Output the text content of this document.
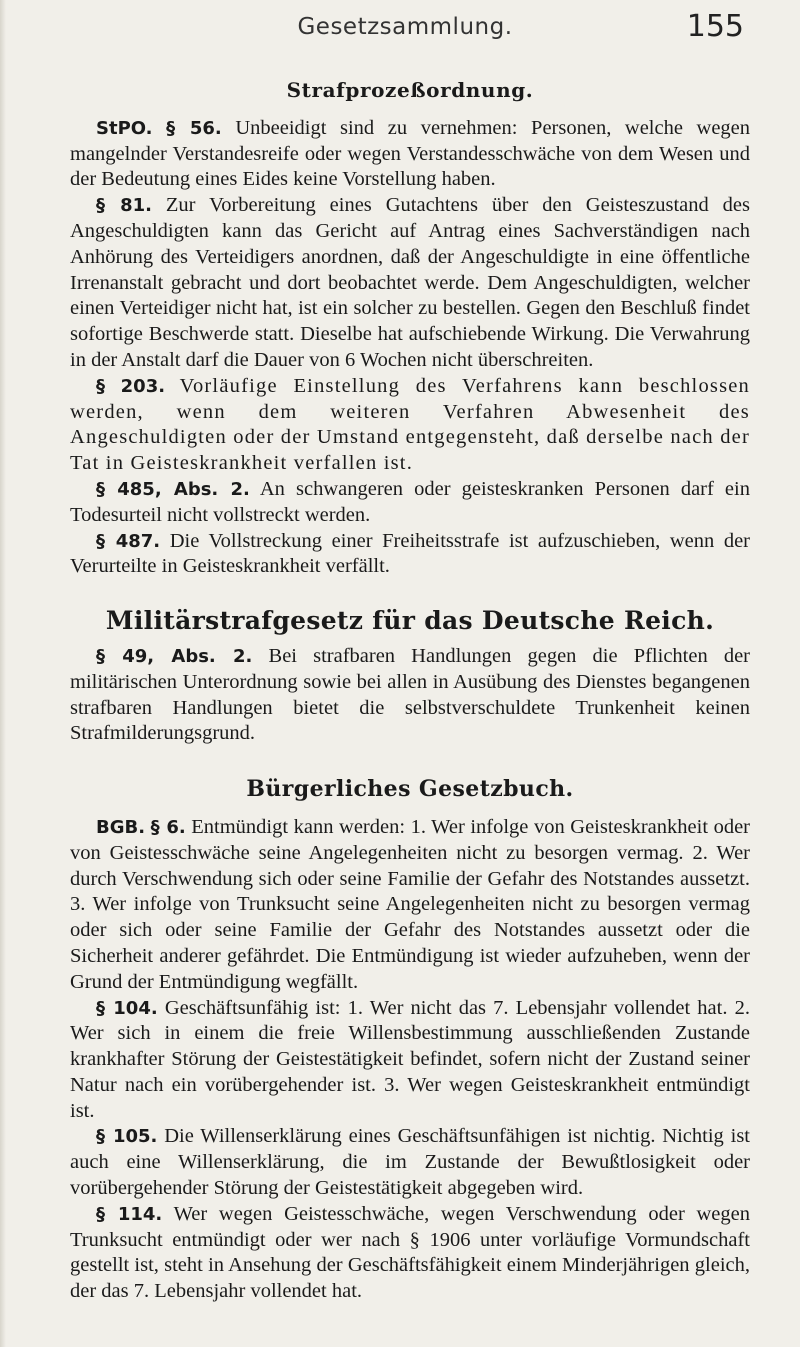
Gesetzsammlung.	155
Strafprozeßordnung.

StPO. § 56. Unbeeidigt sind zu vernehmen: Personen, welche wegen mangelnder Verstandesreife oder wegen Verstandesschwäche von dem Wesen und der Bedeutung eines Eides keine Vorstellung haben.

§ 81. Zur Vorbereitung eines Gutachtens über den Geisteszustand des Angeschuldigten kann das Gericht auf Antrag eines Sachverständigen nach Anhörung des Verteidigers anordnen, daß der Angeschuldigte in eine öffentliche Irrenanstalt gebracht und dort beobachtet werde. Dem Angeschuldigten, welcher einen Verteidiger nicht hat, ist ein solcher zu bestellen. Gegen den Beschluß findet sofortige Beschwerde statt. Dieselbe hat aufschiebende Wirkung. Die Verwahrung in der Anstalt darf die Dauer von 6 Wochen nicht überschreiten.

§ 203. Vorläufige Einstellung des Verfahrens kann beschlossen werden, wenn dem weiteren Verfahren Abwesenheit des Angeschuldigten oder der Umstand entgegensteht, daß derselbe nach der Tat in Geisteskrankheit verfallen ist.

§ 485, Abs. 2. An schwangeren oder geisteskranken Personen darf ein Todesurteil nicht vollstreckt werden.

§ 487. Die Vollstreckung einer Freiheitsstrafe ist aufzuschieben, wenn der Verurteilte in Geisteskrankheit verfällt.

Militärstrafgesetz für das Deutsche Reich.

§ 49, Abs. 2. Bei strafbaren Handlungen gegen die Pflichten der militärischen Unterordnung sowie bei allen in Ausübung des Dienstes begangenen strafbaren Handlungen bietet die selbstverschuldete Trunkenheit keinen Strafmilderungsgrund.

Bürgerliches Gesetzbuch.

BGB. § 6. Entmündigt kann werden: 1. Wer infolge von Geisteskrankheit oder von Geistesschwäche seine Angelegenheiten nicht zu besorgen vermag. 2. Wer durch Verschwendung sich oder seine Familie der Gefahr des Notstandes aussetzt. 3. Wer infolge von Trunksucht seine Angelegenheiten nicht zu besorgen vermag oder sich oder seine Familie der Gefahr des Notstandes aussetzt oder die Sicherheit anderer gefährdet. Die Entmündigung ist wieder aufzuheben, wenn der Grund der Entmündigung wegfällt.

§ 104. Geschäftsunfähig ist: 1. Wer nicht das 7. Lebensjahr vollendet hat. 2. Wer sich in einem die freie Willensbestimmung ausschließenden Zustande krankhafter Störung der Geistestätigkeit befindet, sofern nicht der Zustand seiner Natur nach ein vorübergehender ist. 3. Wer wegen Geisteskrankheit entmündigt ist.

§ 105. Die Willenserklärung eines Geschäftsunfähigen ist nichtig. Nichtig ist auch eine Willenserklärung, die im Zustande der Bewußtlosigkeit oder vorübergehender Störung der Geistestätigkeit abgegeben wird.

§ 114. Wer wegen Geistesschwäche, wegen Verschwendung oder wegen Trunksucht entmündigt oder wer nach § 1906 unter vorläufige Vormundschaft gestellt ist, steht in Ansehung der Geschäftsfähigkeit einem Minderjährigen gleich, der das 7. Lebensjahr vollendet hat.
